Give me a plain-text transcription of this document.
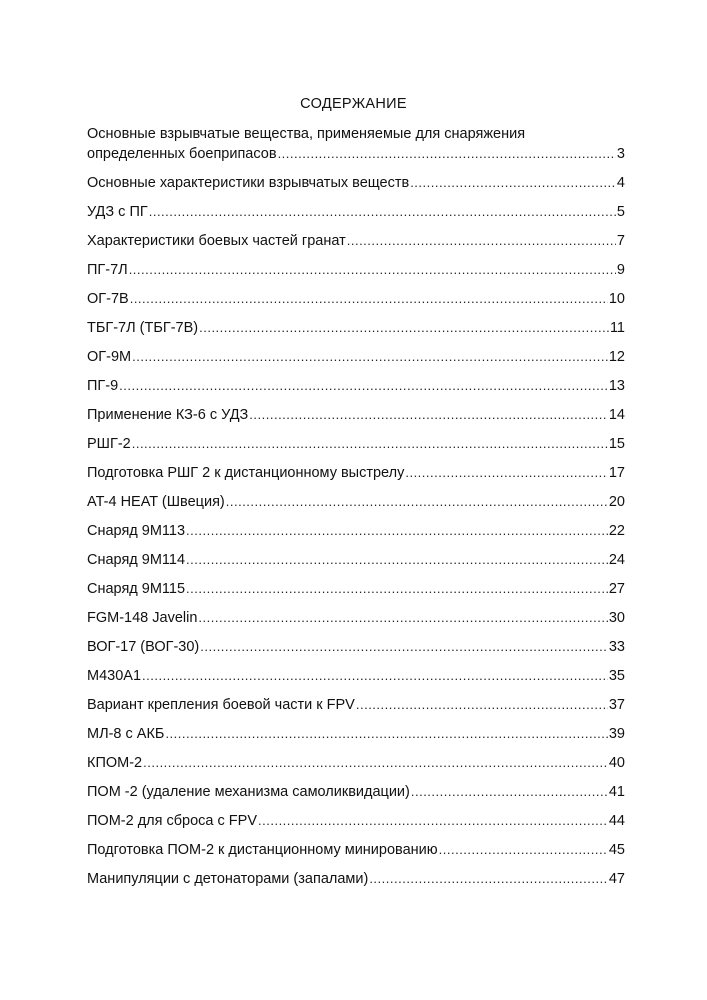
СОДЕРЖАНИЕ
Основные взрывчатые вещества, применяемые для снаряжения
определенных боеприпасов .....	3
Основные характеристики взрывчатых веществ .....	4
УДЗ с ПГ .....	5
Характеристики боевых частей гранат .....	7
ПГ-7Л .....	9
ОГ-7В .....	10
ТБГ-7Л (ТБГ-7В) .....	11
ОГ-9М .....	12
ПГ-9 .....	13
Применение КЗ-6 с УДЗ .....	14
РШГ-2 .....	15
Подготовка РШГ 2 к дистанционному выстрелу .....	17
AT-4 HEAT (Швеция) .....	20
Снаряд 9М113 .....	22
Снаряд 9М114 .....	24
Снаряд 9М115 .....	27
FGM-148 Javelin .....	30
ВОГ-17 (ВОГ-30) .....	33
M430A1 .....	35
Вариант крепления боевой части к FPV .....	37
МЛ-8 с АКБ .....	39
КПОМ-2 .....	40
ПОМ -2 (удаление механизма самоликвидации) .....	41
ПОМ-2 для сброса с FPV .....	44
Подготовка ПОМ-2 к дистанционному минированию .....	45
Манипуляции с детонаторами (запалами) .....	47
